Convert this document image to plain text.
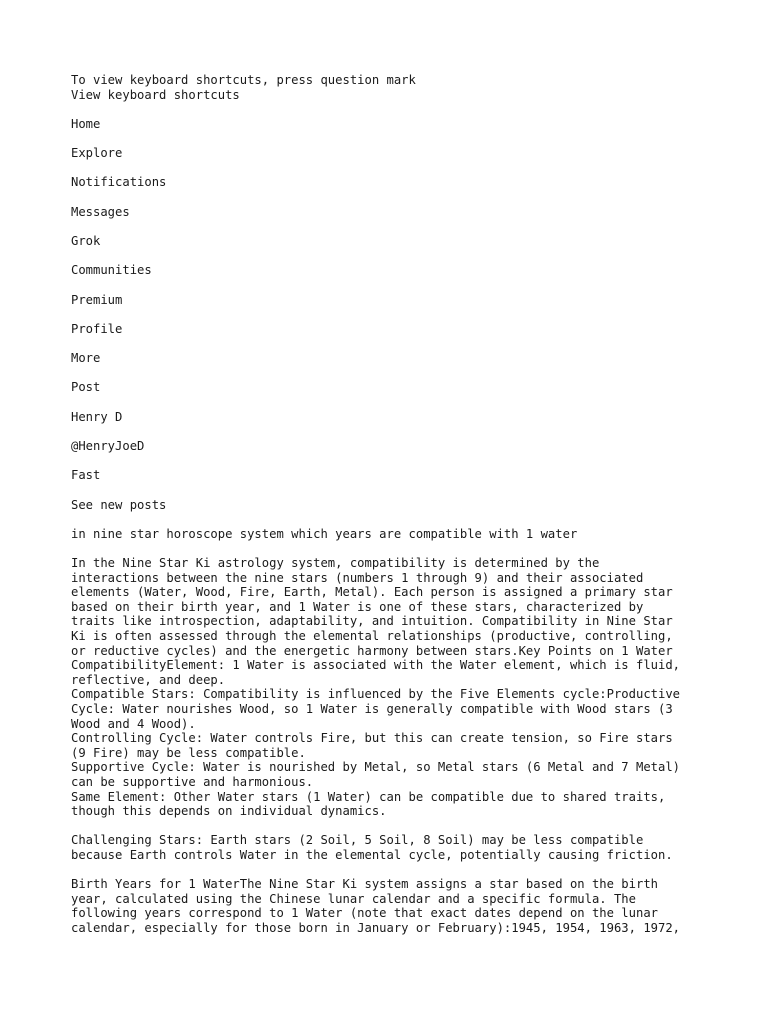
To view keyboard shortcuts, press question mark
View keyboard shortcuts
Home
Explore
Notifications
Messages
Grok
Communities
Premium
Profile
More
Post
Henry D
@HenryJoeD
Fast
See new posts
in nine star horoscope system which years are compatible with 1 water

In the Nine Star Ki astrology system, compatibility is determined by the
interactions between the nine stars (numbers 1 through 9) and their associated
elements (Water, Wood, Fire, Earth, Metal). Each person is assigned a primary star
based on their birth year, and 1 Water is one of these stars, characterized by
traits like introspection, adaptability, and intuition. Compatibility in Nine Star
Ki is often assessed through the elemental relationships (productive, controlling,
or reductive cycles) and the energetic harmony between stars.Key Points on 1 Water
CompatibilityElement: 1 Water is associated with the Water element, which is fluid,
reflective, and deep.
Compatible Stars: Compatibility is influenced by the Five Elements cycle:Productive
Cycle: Water nourishes Wood, so 1 Water is generally compatible with Wood stars (3
Wood and 4 Wood).
Controlling Cycle: Water controls Fire, but this can create tension, so Fire stars
(9 Fire) may be less compatible.
Supportive Cycle: Water is nourished by Metal, so Metal stars (6 Metal and 7 Metal)
can be supportive and harmonious.
Same Element: Other Water stars (1 Water) can be compatible due to shared traits,
though this depends on individual dynamics.

Challenging Stars: Earth stars (2 Soil, 5 Soil, 8 Soil) may be less compatible
because Earth controls Water in the elemental cycle, potentially causing friction.

Birth Years for 1 WaterThe Nine Star Ki system assigns a star based on the birth
year, calculated using the Chinese lunar calendar and a specific formula. The
following years correspond to 1 Water (note that exact dates depend on the lunar
calendar, especially for those born in January or February):1945, 1954, 1963, 1972,
